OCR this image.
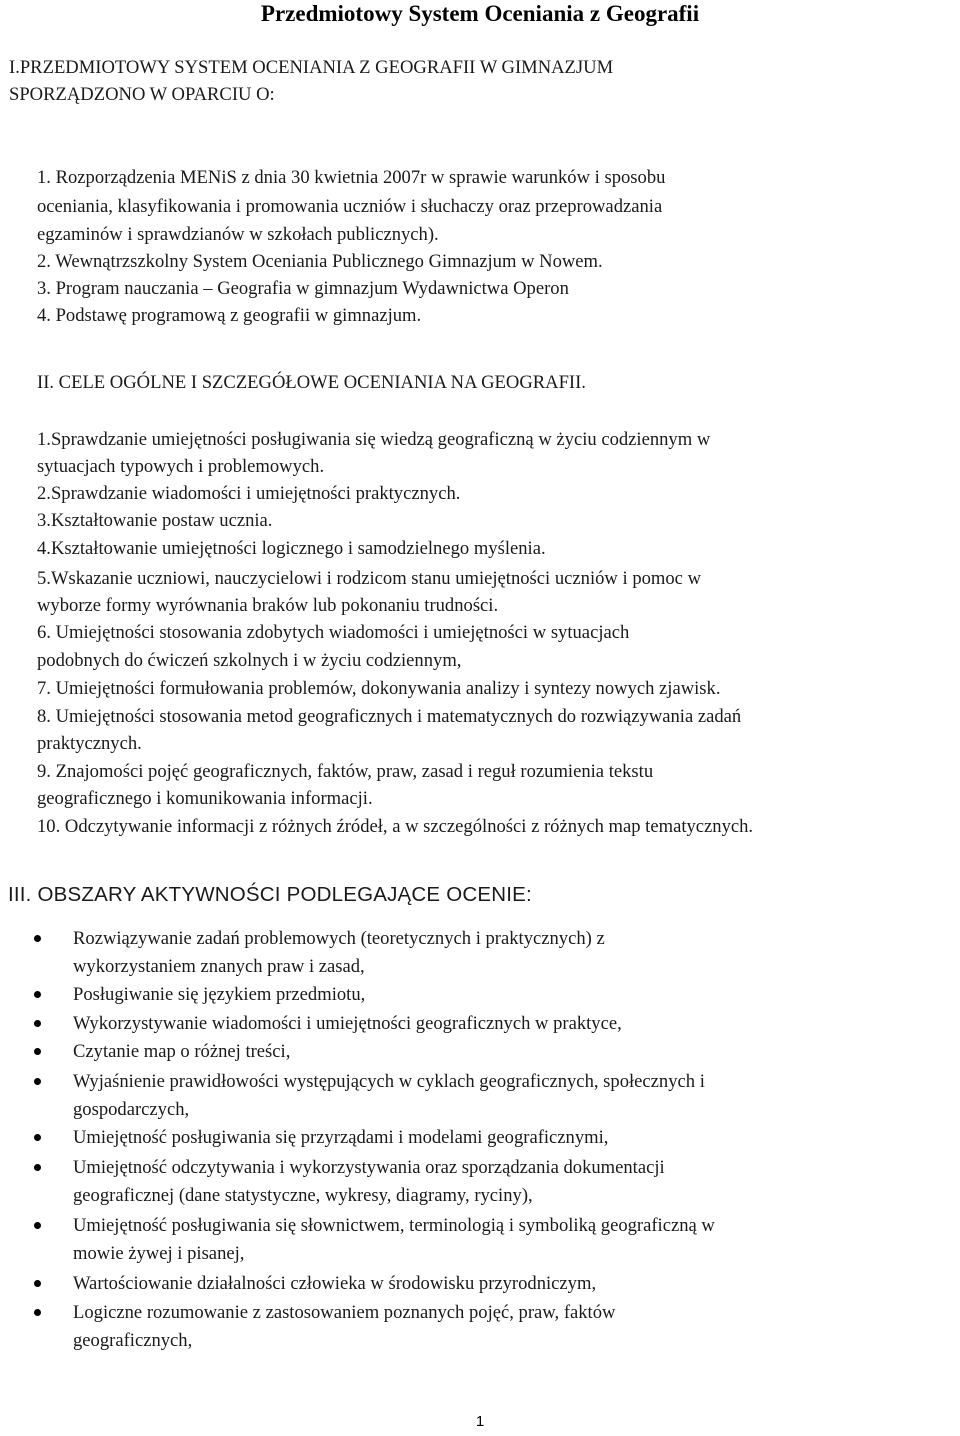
Przedmiotowy System Oceniania z Geografii
I.PRZEDMIOTOWY SYSTEM OCENIANIA Z GEOGRAFII W GIMNAZJUM
SPORZĄDZONO W OPARCIU O:
1. Rozporządzenia MENiS z dnia 30 kwietnia 2007r w sprawie warunków i sposobu
oceniania, klasyfikowania i promowania uczniów i słuchaczy oraz przeprowadzania
egzaminów i sprawdzianów w szkołach publicznych).
2. Wewnątrzszkolny System Oceniania Publicznego Gimnazjum w Nowem.
3. Program nauczania – Geografia w gimnazjum Wydawnictwa Operon
4. Podstawę programową z geografii w gimnazjum.
II. CELE OGÓLNE I SZCZEGÓŁOWE OCENIANIA NA GEOGRAFII.
1.Sprawdzanie umiejętności posługiwania się wiedzą geograficzną w życiu codziennym w
sytuacjach typowych i problemowych.
2.Sprawdzanie wiadomości i umiejętności praktycznych.
3.Kształtowanie postaw ucznia.
4.Kształtowanie umiejętności logicznego i samodzielnego myślenia.
5.Wskazanie uczniowi, nauczycielowi i rodzicom stanu umiejętności uczniów i pomoc w
wyborze formy wyrównania braków lub pokonaniu trudności.
6. Umiejętności stosowania zdobytych wiadomości i umiejętności w sytuacjach
podobnych do ćwiczeń szkolnych i w życiu codziennym,
7. Umiejętności formułowania problemów, dokonywania analizy i syntezy nowych zjawisk.
8. Umiejętności stosowania metod geograficznych i matematycznych do rozwiązywania zadań
praktycznych.
9. Znajomości pojęć geograficznych, faktów, praw, zasad i reguł rozumienia tekstu
geograficznego i komunikowania informacji.
10. Odczytywanie informacji z różnych źródeł, a w szczególności z różnych map tematycznych.
III. OBSZARY AKTYWNOŚCI PODLEGAJĄCE OCENIE:
Rozwiązywanie zadań problemowych (teoretycznych i praktycznych) z
wykorzystaniem znanych praw i zasad,
Posługiwanie się językiem przedmiotu,
Wykorzystywanie wiadomości i umiejętności geograficznych w praktyce,
Czytanie map o różnej treści,
Wyjaśnienie prawidłowości występujących w cyklach geograficznych, społecznych i
gospodarczych,
Umiejętność posługiwania się przyrządami i modelami geograficznymi,
Umiejętność odczytywania i wykorzystywania oraz sporządzania dokumentacji
geograficznej (dane statystyczne, wykresy, diagramy, ryciny),
Umiejętność posługiwania się słownictwem, terminologią i symboliką geograficzną w
mowie żywej i pisanej,
Wartościowanie działalności człowieka w środowisku przyrodniczym,
Logiczne rozumowanie z zastosowaniem poznanych pojęć, praw, faktów
geograficznych,
1
